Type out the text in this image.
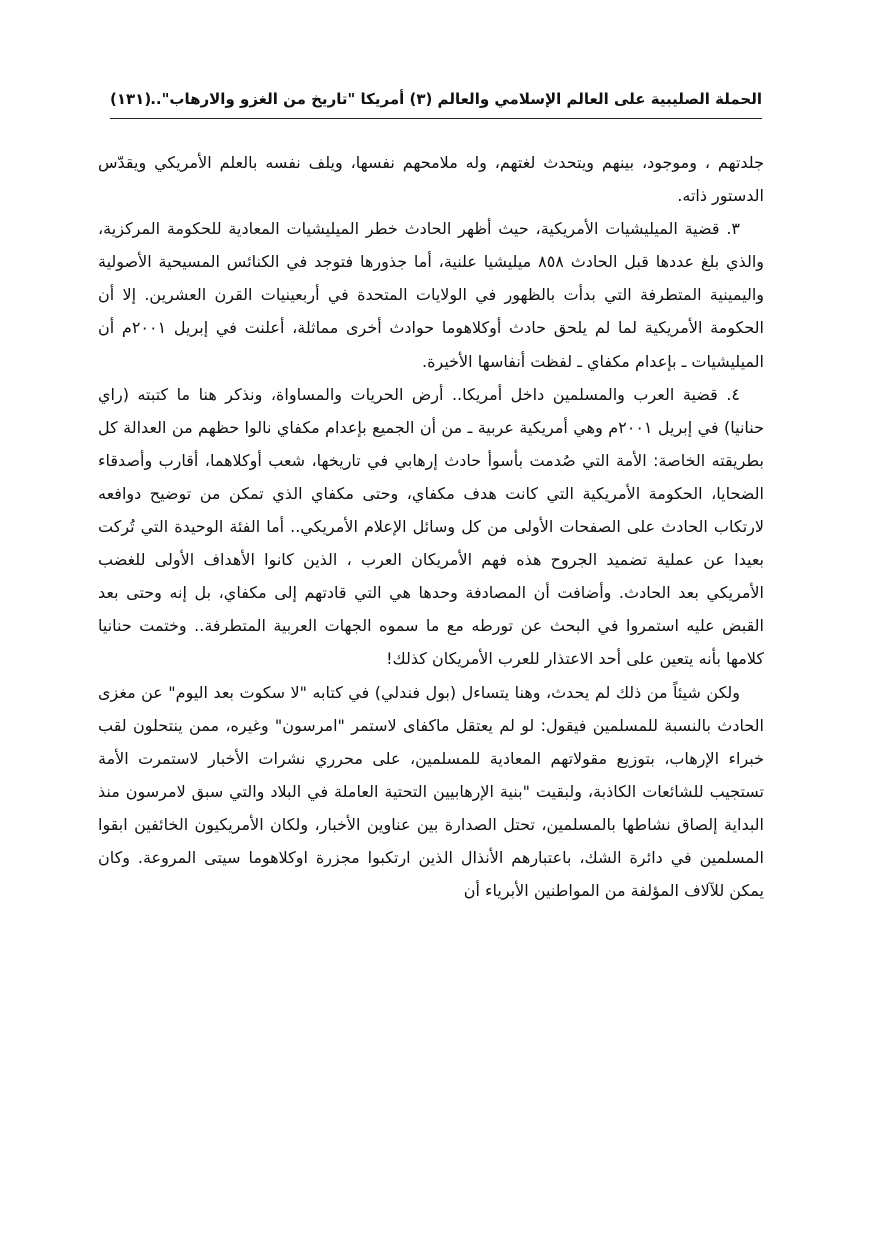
الحملة الصليبية على العالم الإسلامي والعالم (٣) أمريكا "تاريخ من الغزو والارهاب"..
(١٣١)

جلدتهم ، وموجود، بينهم ويتحدث لغتهم، وله ملامحهم نفسها، ويلف نفسه بالعلم الأمريكي ويقدّس الدستور ذاته.

٣. قضية الميليشيات الأمريكية، حيث أظهر الحادث خطر الميليشيات المعادية للحكومة المركزية، والذي بلغ عددها قبل الحادث ٨٥٨ ميليشيا علنية، أما جذورها فتوجد في الكنائس المسيحية الأصولية واليمينية المتطرفة التي بدأت بالظهور في الولايات المتحدة في أربعينيات القرن العشرين. إلا أن الحكومة الأمريكية لما لم يلحق حادث أوكلاهوما حوادث أخرى مماثلة، أعلنت في إبريل ٢٠٠١م أن الميليشيات ـ بإعدام مكفاي ـ لفظت أنفاسها الأخيرة.

٤. قضية العرب والمسلمين داخل أمريكا.. أرض الحريات والمساواة، ونذكر هنا ما كتبته (راي حنانيا) في إبريل ٢٠٠١م وهي أمريكية عربية ـ من أن الجميع بإعدام مكفاي نالوا حظهم من العدالة كل بطريقته الخاصة: الأمة التي صُدمت بأسوأ حادث إرهابي في تاريخها، شعب أوكلاهما، أقارب وأصدقاء الضحايا، الحكومة الأمريكية التي كانت هدف مكفاي، وحتى مكفاي الذي تمكن من توضيح دوافعه لارتكاب الحادث على الصفحات الأولى من كل وسائل الإعلام الأمريكي.. أما الفئة الوحيدة التي تُركت بعيدا عن عملية تضميد الجروح هذه فهم الأمريكان العرب ، الذين كانوا الأهداف الأولى للغضب الأمريكي بعد الحادث. وأضافت أن المصادفة وحدها هي التي قادتهم إلى مكفاي، بل إنه وحتى بعد القبض عليه استمروا في البحث عن تورطه مع ما سموه الجهات العربية المتطرفة.. وختمت حنانيا كلامها بأنه يتعين على أحد الاعتذار للعرب الأمريكان كذلك!

ولكن شيئاً من ذلك لم يحدث، وهنا يتساءل (بول فندلي) في كتابه "لا سكوت بعد اليوم" عن مغزى الحادث بالنسبة للمسلمين فيقول: لو لم يعتقل ماكفاى لاستمر "امرسون" وغيره، ممن ينتحلون لقب خبراء الإرهاب، بتوزيع مقولاتهم المعادية للمسلمين، على محرري نشرات الأخبار لاستمرت الأمة تستجيب للشائعات الكاذبة، ولبقيت "بنية الإرهابيين التحتية العاملة في البلاد والتي سبق لامرسون منذ البداية إلصاق نشاطها بالمسلمين، تحتل الصدارة بين عناوين الأخبار، ولكان الأمريكيون الخائفين ابقوا المسلمين في دائرة الشك، باعتبارهم الأنذال الذين ارتكبوا مجزرة اوكلاهوما سيتى المروعة. وكان يمكن للآلاف المؤلفة من المواطنين الأبرياء أن
